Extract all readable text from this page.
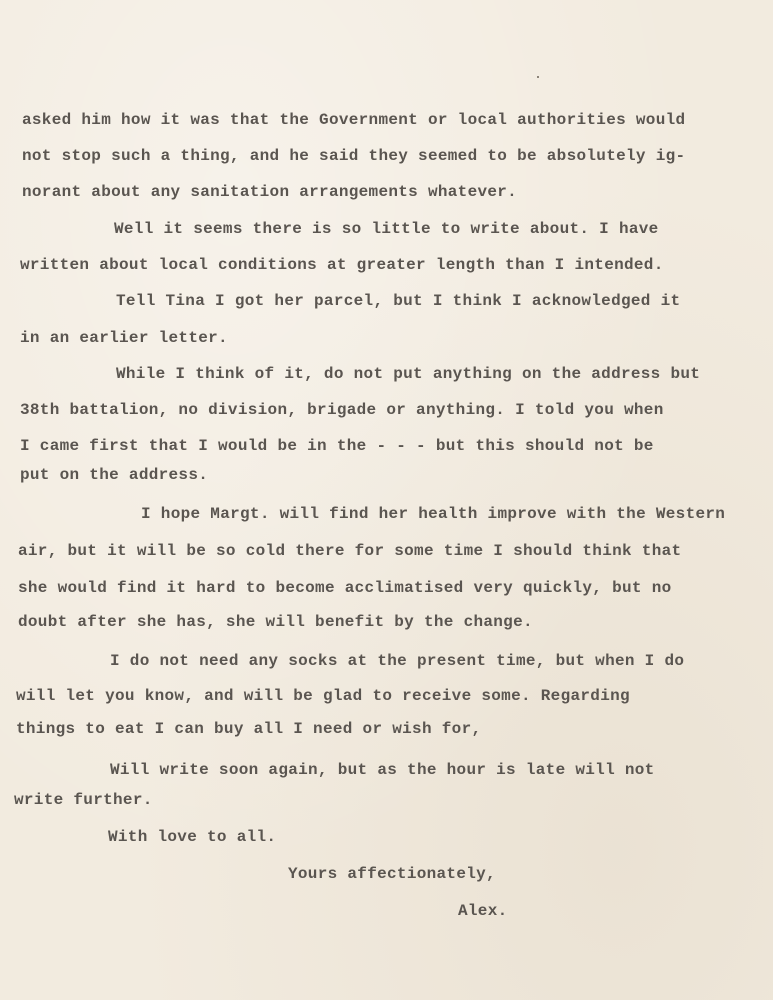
asked him how it was that the Government or local authorities would
not stop such a thing, and he said they seemed to be absolutely ig-
norant about any sanitation arrangements whatever.
Well it seems there is so little to write about. I have
written about local conditions at greater length than I intended.
Tell Tina I got her parcel, but I think I acknowledged it
in an earlier letter.
While I think of it, do not put anything on the address but
38th battalion, no division, brigade or anything. I told you when
I came first that I would be in the - - - but this should not be
put on the address.
I hope Margt. will find her health improve with the Western
air, but it will be so cold there for some time I should think that
she would find it hard to become acclimatised very quickly, but no
doubt after she has, she will benefit by the change.
I do not need any socks at the present time, but when I do
will let you know, and will be glad to receive some. Regarding
things to eat I can buy all I need or wish for,
Will write soon again, but as the hour is late will not
write further.
With love to all.
Yours affectionately,
Alex.
